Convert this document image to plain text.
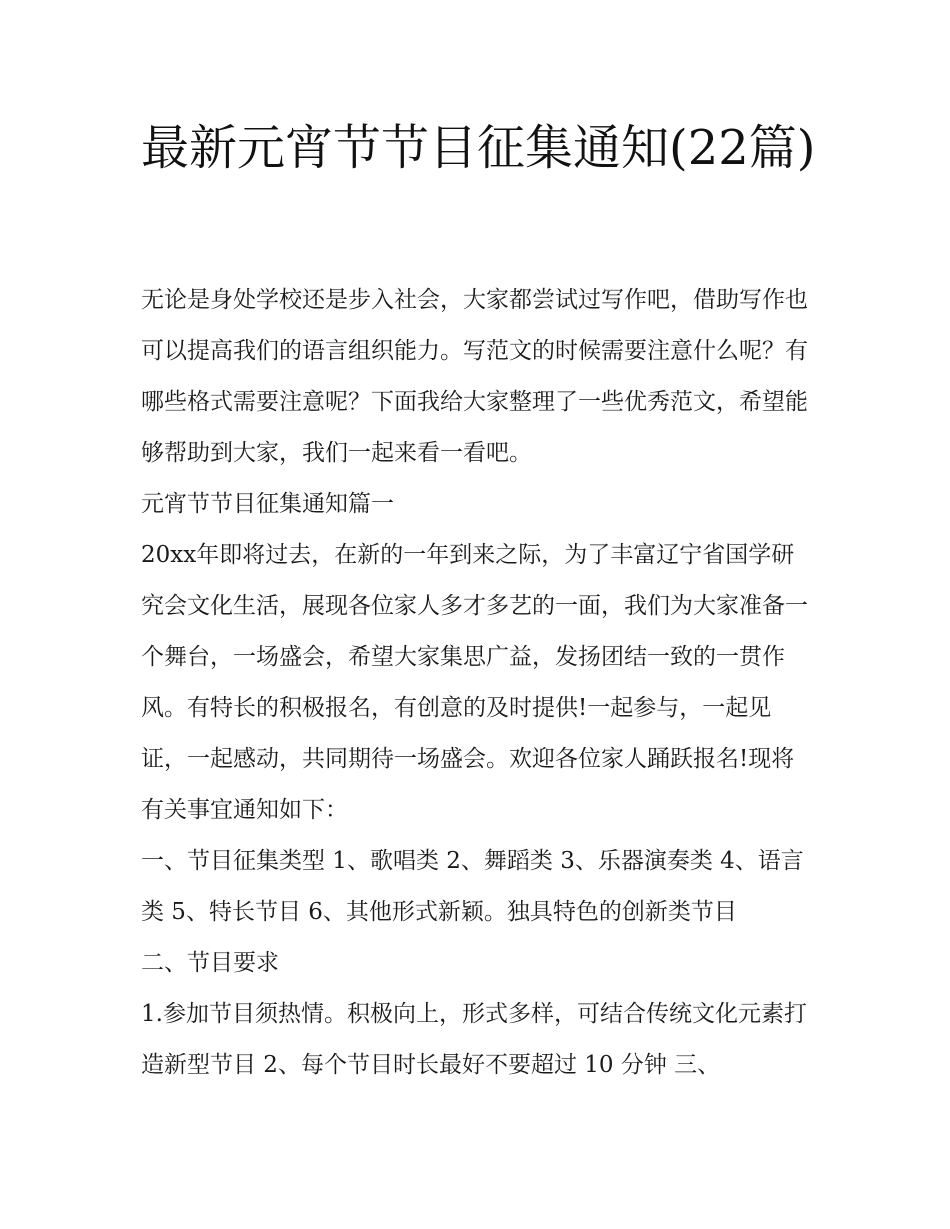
最新元宵节节目征集通知(22篇)

无论是身处学校还是步入社会，大家都尝试过写作吧，借助写作也可以提高我们的语言组织能力。写范文的时候需要注意什么呢？有哪些格式需要注意呢？下面我给大家整理了一些优秀范文，希望能够帮助到大家，我们一起来看一看吧。

元宵节节目征集通知篇一

20xx年即将过去，在新的一年到来之际，为了丰富辽宁省国学研究会文化生活，展现各位家人多才多艺的一面，我们为大家准备一个舞台，一场盛会，希望大家集思广益，发扬团结一致的一贯作风。有特长的积极报名，有创意的及时提供!一起参与，一起见证，一起感动，共同期待一场盛会。欢迎各位家人踊跃报名!现将有关事宜通知如下：

一、节目征集类型 1、歌唱类 2、舞蹈类 3、乐器演奏类 4、语言类 5、特长节目 6、其他形式新颖。独具特色的创新类节目

二、节目要求

1.参加节目须热情。积极向上，形式多样，可结合传统文化元素打造新型节目 2、每个节目时长最好不要超过 10 分钟 三、
